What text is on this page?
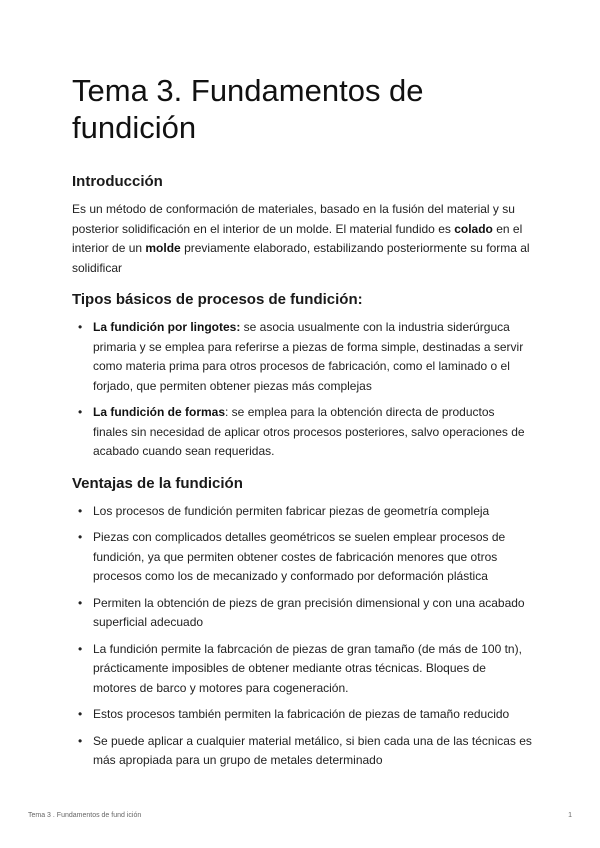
Tema 3. Fundamentos de fundición
Introducción

Es un método de conformación de materiales, basado en la fusión del material y su posterior solidificación en el interior de un molde. El material fundido es colado en el interior de un molde previamente elaborado, estabilizando posteriormente su forma al solidificar

Tipos básicos de procesos de fundición:
• La fundición por lingotes: se asocia usualmente con la industria siderúrguca primaria y se emplea para referirse a piezas de forma simple, destinadas a servir como materia prima para otros procesos de fabricación, como el laminado o el forjado, que permiten obtener piezas más complejas
• La fundición de formas: se emplea para la obtención directa de productos finales sin necesidad de aplicar otros procesos posteriores, salvo operaciones de acabado cuando sean requeridas.
Ventajas de la fundición
• Los procesos de fundición permiten fabricar piezas de geometría compleja
• Piezas con complicados detalles geométricos se suelen emplear procesos de fundición, ya que permiten obtener costes de fabricación menores que otros procesos como los de mecanizado y conformado por deformación plástica
• Permiten la obtención de piezs de gran precisión dimensional y con una acabado superficial adecuado
• La fundición permite la fabrcación de piezas de gran tamaño (de más de 100 tn), prácticamente imposibles de obtener mediante otras técnicas. Bloques de motores de barco y motores para cogeneración.
• Estos procesos también permiten la fabricación de piezas de tamaño reducido
• Se puede aplicar a cualquier material metálico, si bien cada una de las técnicas es más apropiada para un grupo de metales determinado
Tema 3 . Fundamentos de fund ición	1
